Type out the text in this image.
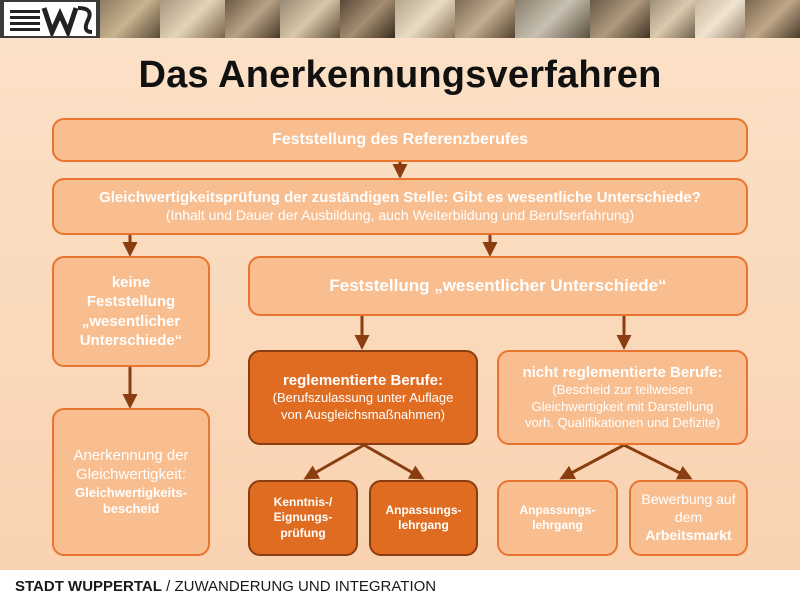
Das Anerkennungsverfahren
Feststellung des Referenzberufes
Gleichwertigkeitsprüfung der zuständigen Stelle: Gibt es wesentliche Unterschiede?
(Inhalt und Dauer der Ausbildung, auch Weiterbildung und Berufserfahrung)
keine
Feststellung
„wesentlicher
Unterschiede“
Feststellung „wesentlicher Unterschiede“
Anerkennung der
Gleichwertigkeit:
Gleichwertigkeits-
bescheid
reglementierte Berufe:
(Berufszulassung unter Auflage
von Ausgleichsmaßnahmen)
nicht reglementierte Berufe:
(Bescheid zur teilweisen
Gleichwertigkeit mit Darstellung
vorh. Qualifikationen und Defizite)
Kenntnis-/
Eignungs-
prüfung
Anpassungs-
lehrgang
Anpassungs-
lehrgang
Bewerbung auf
dem
Arbeitsmarkt
STADT WUPPERTAL / ZUWANDERUNG UND INTEGRATION
